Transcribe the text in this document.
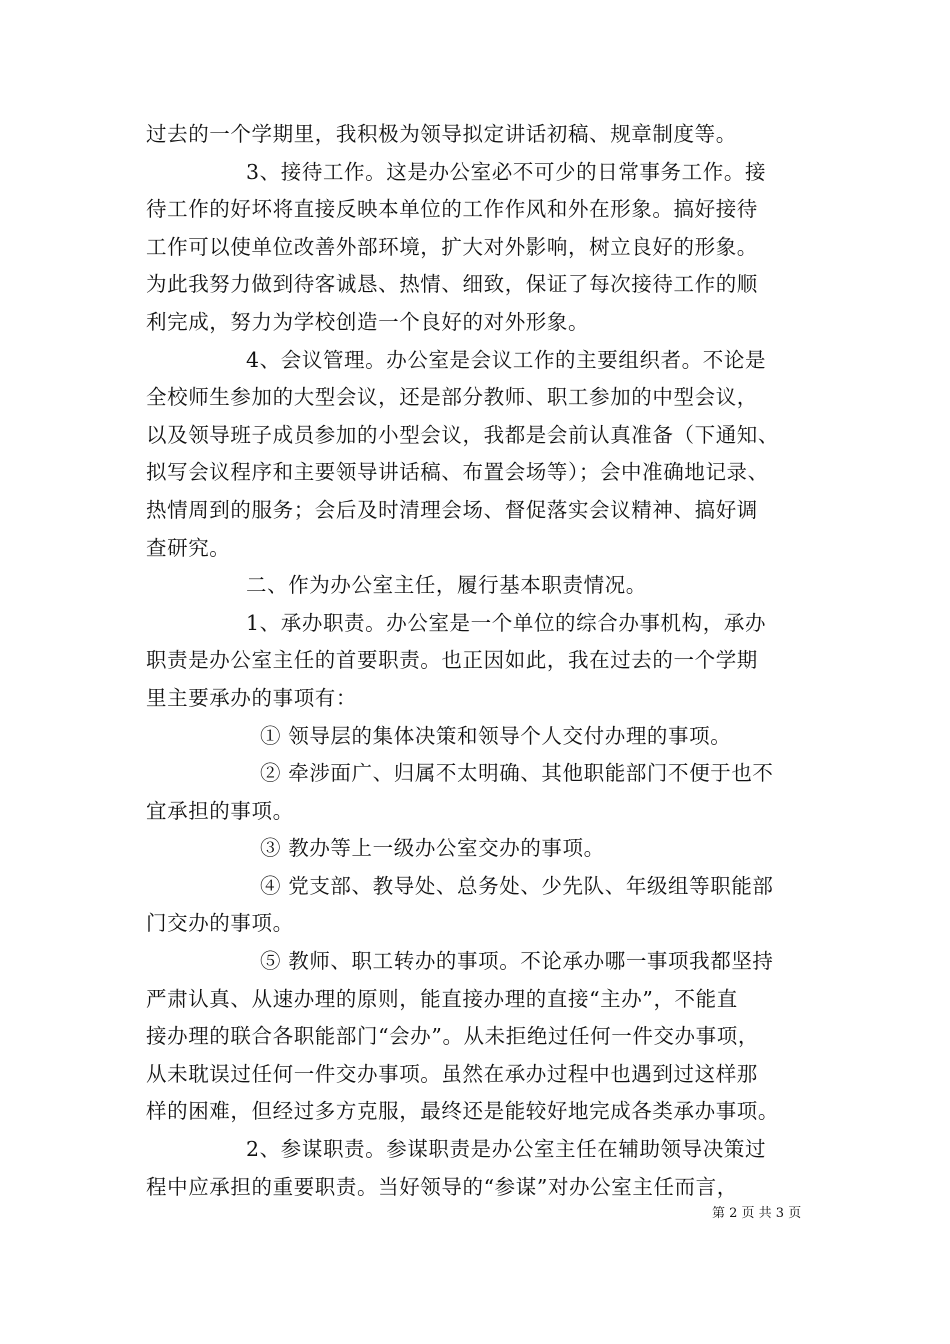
过去的一个学期里，我积极为领导拟定讲话初稿、规章制度等。
3、接待工作。这是办公室必不可少的日常事务工作。接
待工作的好坏将直接反映本单位的工作作风和外在形象。搞好接待
工作可以使单位改善外部环境，扩大对外影响，树立良好的形象。
为此我努力做到待客诚恳、热情、细致，保证了每次接待工作的顺
利完成，努力为学校创造一个良好的对外形象。
4、会议管理。办公室是会议工作的主要组织者。不论是
全校师生参加的大型会议，还是部分教师、职工参加的中型会议，
以及领导班子成员参加的小型会议，我都是会前认真准备（下通知、
拟写会议程序和主要领导讲话稿、布置会场等）；会中准确地记录、
热情周到的服务；会后及时清理会场、督促落实会议精神、搞好调
查研究。
二、作为办公室主任，履行基本职责情况。
1、承办职责。办公室是一个单位的综合办事机构，承办
职责是办公室主任的首要职责。也正因如此，我在过去的一个学期
里主要承办的事项有：
① 领导层的集体决策和领导个人交付办理的事项。
② 牵涉面广、归属不太明确、其他职能部门不便于也不
宜承担的事项。
③ 教办等上一级办公室交办的事项。
④ 党支部、教导处、总务处、少先队、年级组等职能部
门交办的事项。
⑤ 教师、职工转办的事项。不论承办哪一事项我都坚持
严肃认真、从速办理的原则，能直接办理的直接“主办”，不能直
接办理的联合各职能部门“会办”。从未拒绝过任何一件交办事项，
从未耽误过任何一件交办事项。虽然在承办过程中也遇到过这样那
样的困难，但经过多方克服，最终还是能较好地完成各类承办事项。
2、参谋职责。参谋职责是办公室主任在辅助领导决策过
程中应承担的重要职责。当好领导的“参谋”对办公室主任而言，
第 2 页 共 3 页
